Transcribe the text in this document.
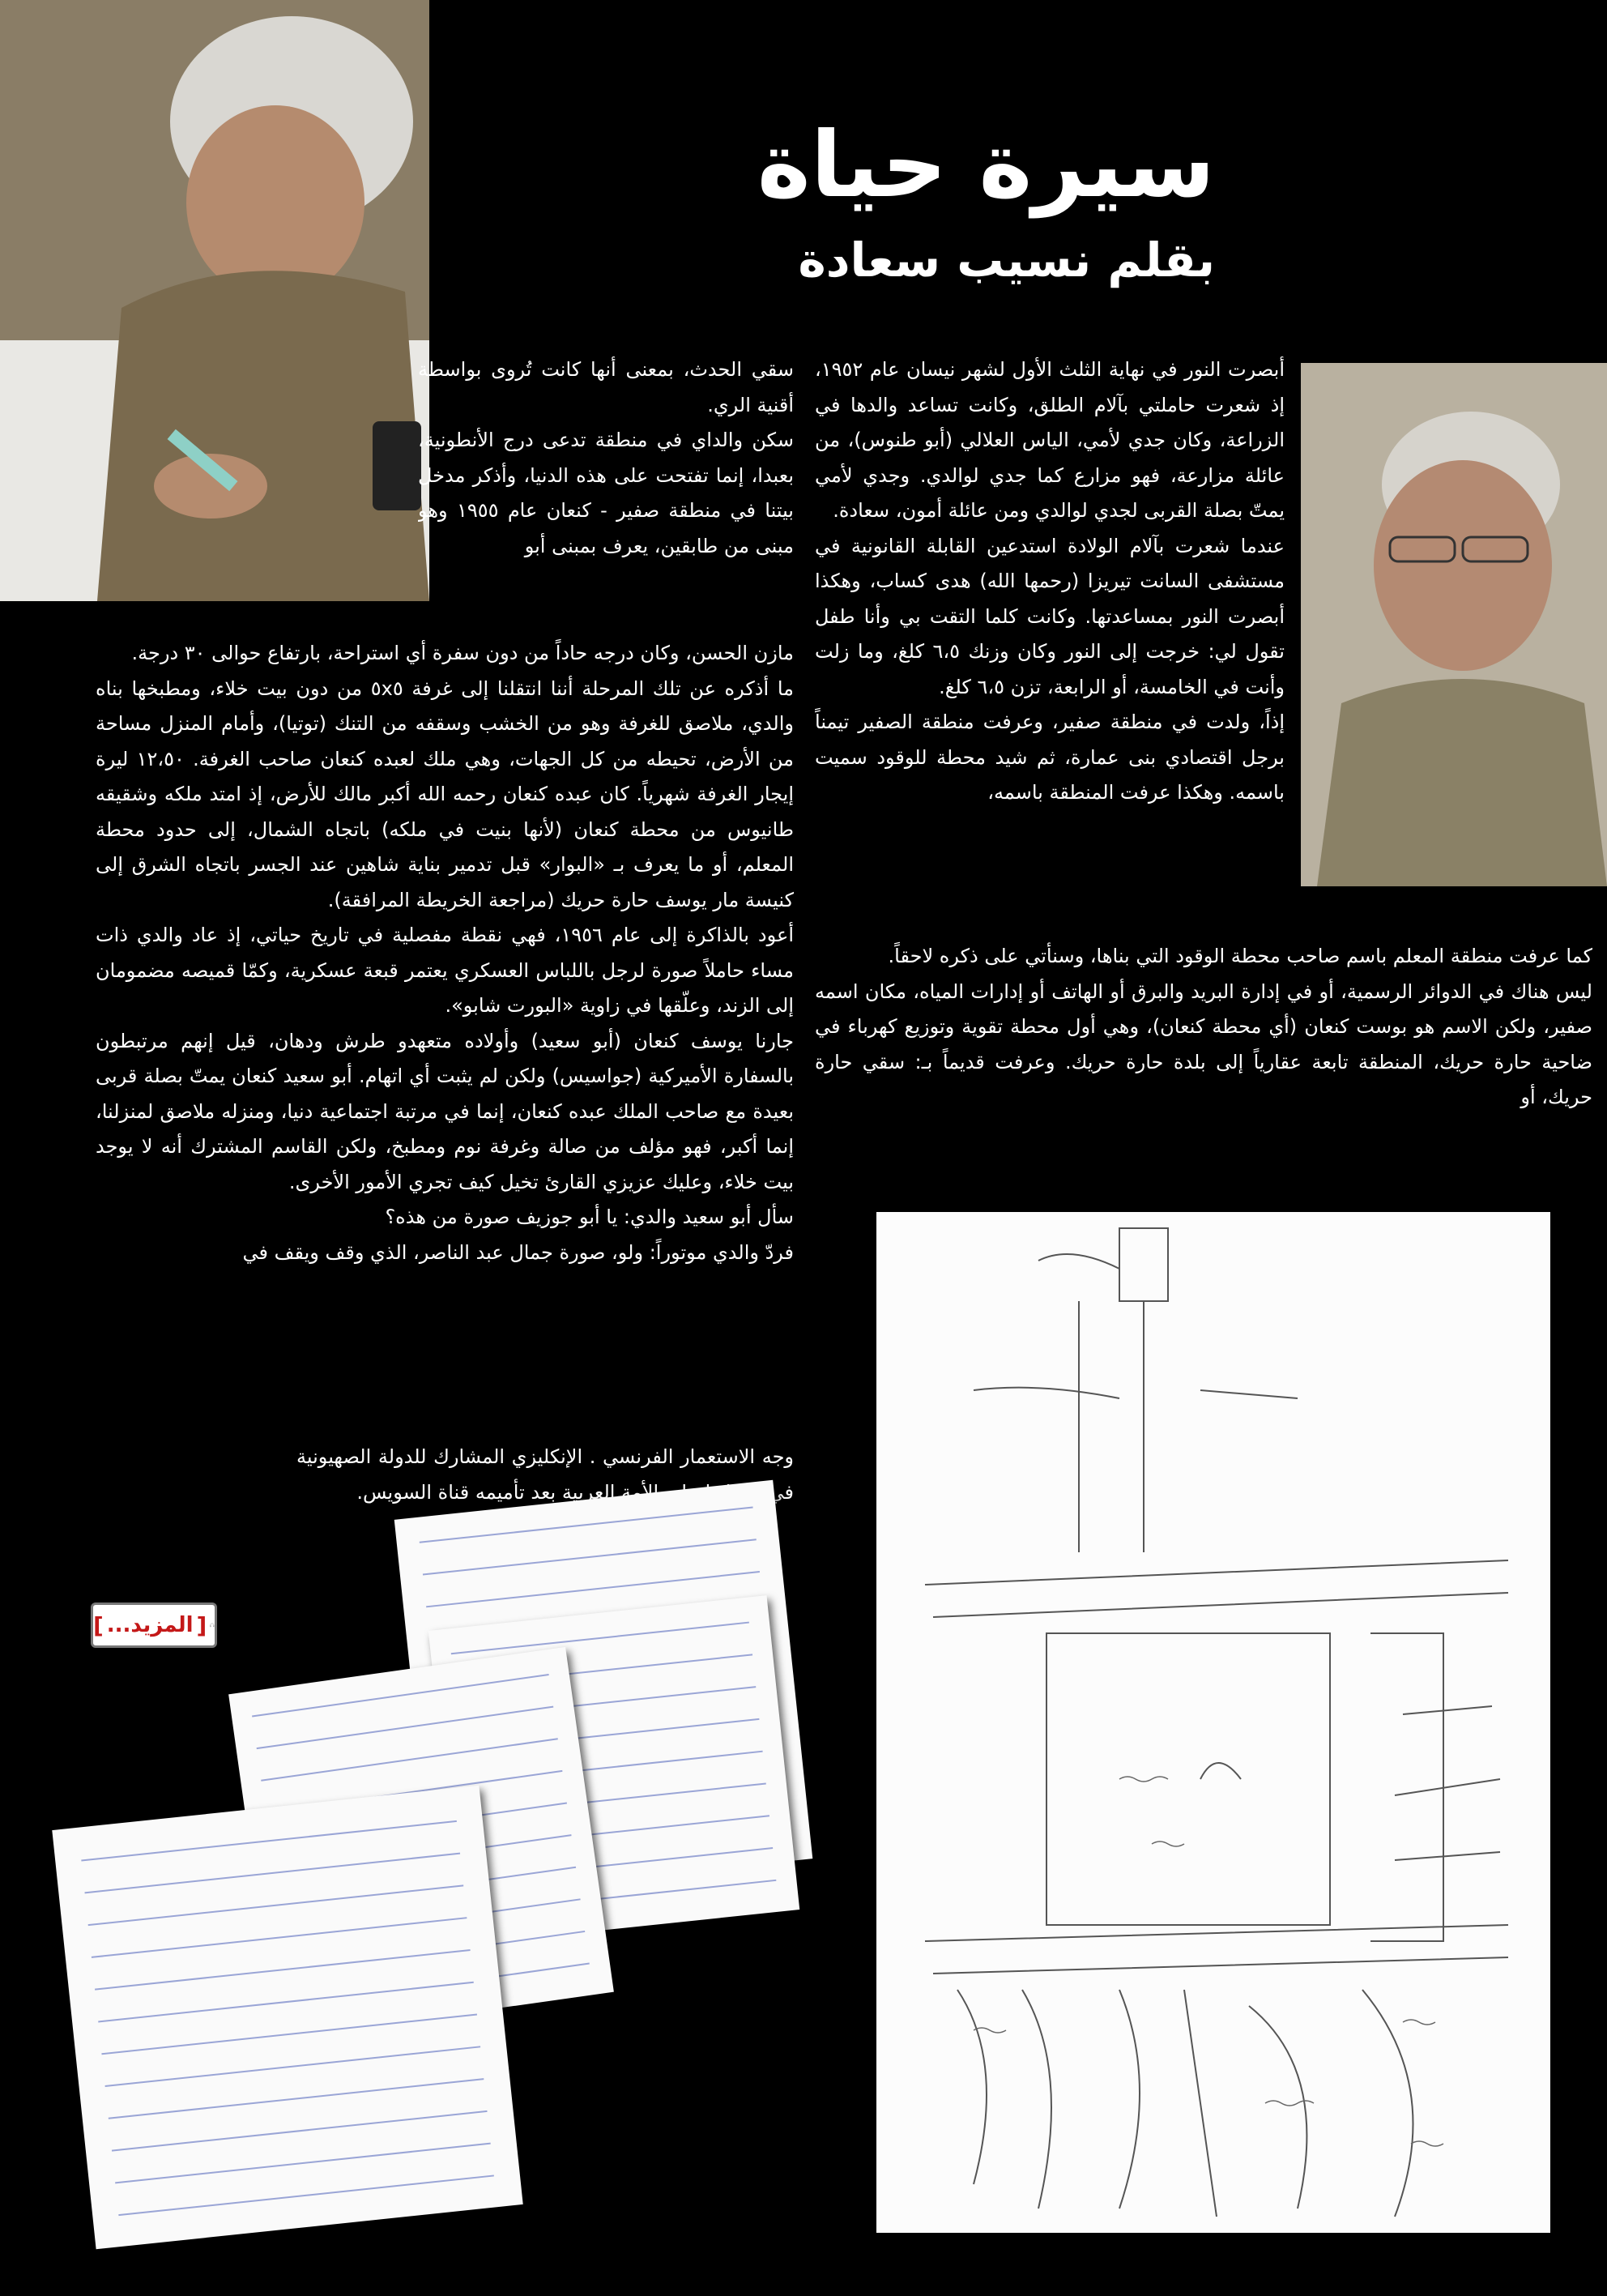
سيرة حياة
بقلم نسيب سعادة

أبصرت النور في نهاية الثلث الأول لشهر نيسان عام ١٩٥٢، إذ شعرت حاملتي بآلام الطلق، وكانت تساعد والدها في الزراعة، وكان جدي لأمي، الياس العلالي (أبو طنوس)، من عائلة مزارعة، فهو مزارع كما جدي لوالدي. وجدي لأمي يمتّ بصلة القربى لجدي لوالدي ومن عائلة أمون، سعادة.

عندما شعرت بآلام الولادة استدعين القابلة القانونية في مستشفى السانت تيريزا (رحمها الله) هدى كساب، وهكذا أبصرت النور بمساعدتها. وكانت كلما التقت بي وأنا طفل تقول لي: خرجت إلى النور وكان وزنك ٦،٥ كلغ، وما زلت وأنت في الخامسة، أو الرابعة، تزن ٦،٥ كلغ.

إذاً، ولدت في منطقة صفير، وعرفت منطقة الصفير تيمناً برجل اقتصادي بنى عمارة، ثم شيد محطة للوقود سميت باسمه. وهكذا عرفت المنطقة باسمه،

كما عرفت منطقة المعلم باسم صاحب محطة الوقود التي بناها، وسنأتي على ذكره لاحقاً.

ليس هناك في الدوائر الرسمية، أو في إدارة البريد والبرق أو الهاتف أو إدارات المياه، مكان اسمه صفير، ولكن الاسم هو بوست كنعان (أي محطة كنعان)، وهي أول محطة تقوية وتوزيع كهرباء في ضاحية حارة حريك، المنطقة تابعة عقارياً إلى بلدة حارة حريك. وعرفت قديماً بـ: سقي حارة حريك، أو

سقي الحدث، بمعنى أنها كانت تُروى بواسطة أقنية الري.

سكن والداي في منطقة تدعى درج الأنطونية، بعبدا، إنما تفتحت على هذه الدنيا، وأذكر مدخل بيتنا في منطقة صفير - كنعان عام ١٩٥٥ وهو مبنى من طابقين، يعرف بمبنى أبو

مازن الحسن، وكان درجه حاداً من دون سفرة أي استراحة، بارتفاع حوالى ٣٠ درجة.

ما أذكره عن تلك المرحلة أننا انتقلنا إلى غرفة ٥x٥ من دون بيت خلاء، ومطبخها بناه والدي، ملاصق للغرفة وهو من الخشب وسقفه من التنك (توتيا)، وأمام المنزل مساحة من الأرض، تحيطه من كل الجهات، وهي ملك لعبده كنعان صاحب الغرفة. ١٢،٥٠ ليرة إيجار الغرفة شهرياً. كان عبده كنعان رحمه الله أكبر مالك للأرض، إذ امتد ملكه وشقيقه طانيوس من محطة كنعان (لأنها بنيت في ملكه) باتجاه الشمال، إلى حدود محطة المعلم، أو ما يعرف بـ «البوار» قبل تدمير بناية شاهين عند الجسر باتجاه الشرق إلى كنيسة مار يوسف حارة حريك (مراجعة الخريطة المرافقة).

أعود بالذاكرة إلى عام ١٩٥٦، فهي نقطة مفصلية في تاريخ حياتي، إذ عاد والدي ذات مساء حاملاً صورة لرجل باللباس العسكري يعتمر قبعة عسكرية، وكمّا قميصه مضمومان إلى الزند، وعلّقها في زاوية «البورت شابو».

جارنا يوسف كنعان (أبو سعيد) وأولاده متعهدو طرش ودهان، قيل إنهم مرتبطون بالسفارة الأميركية (جواسيس) ولكن لم يثبت أي اتهام. أبو سعيد كنعان يمتّ بصلة قربى بعيدة مع صاحب الملك عبده كنعان، إنما في مرتبة اجتماعية دنيا، ومنزله ملاصق لمنزلنا، إنما أكبر، فهو مؤلف من صالة وغرفة نوم ومطبخ، ولكن القاسم المشترك أنه لا يوجد بيت خلاء، وعليك عزيزي القارئ تخيل كيف تجري الأمور الأخرى.

سأل أبو سعيد والدي: يا أبو جوزيف صورة من هذه؟

فردّ والدي موتوراً: ولو، صورة جمال عبد الناصر، الذي وقف ويقف في

وجه الاستعمار الفرنسي . الإنكليزي المشارك للدولة الصهيونية في عدوانها على الأمة العربية بعد تأميمه قناة السويس.

[ المزيد... ]
